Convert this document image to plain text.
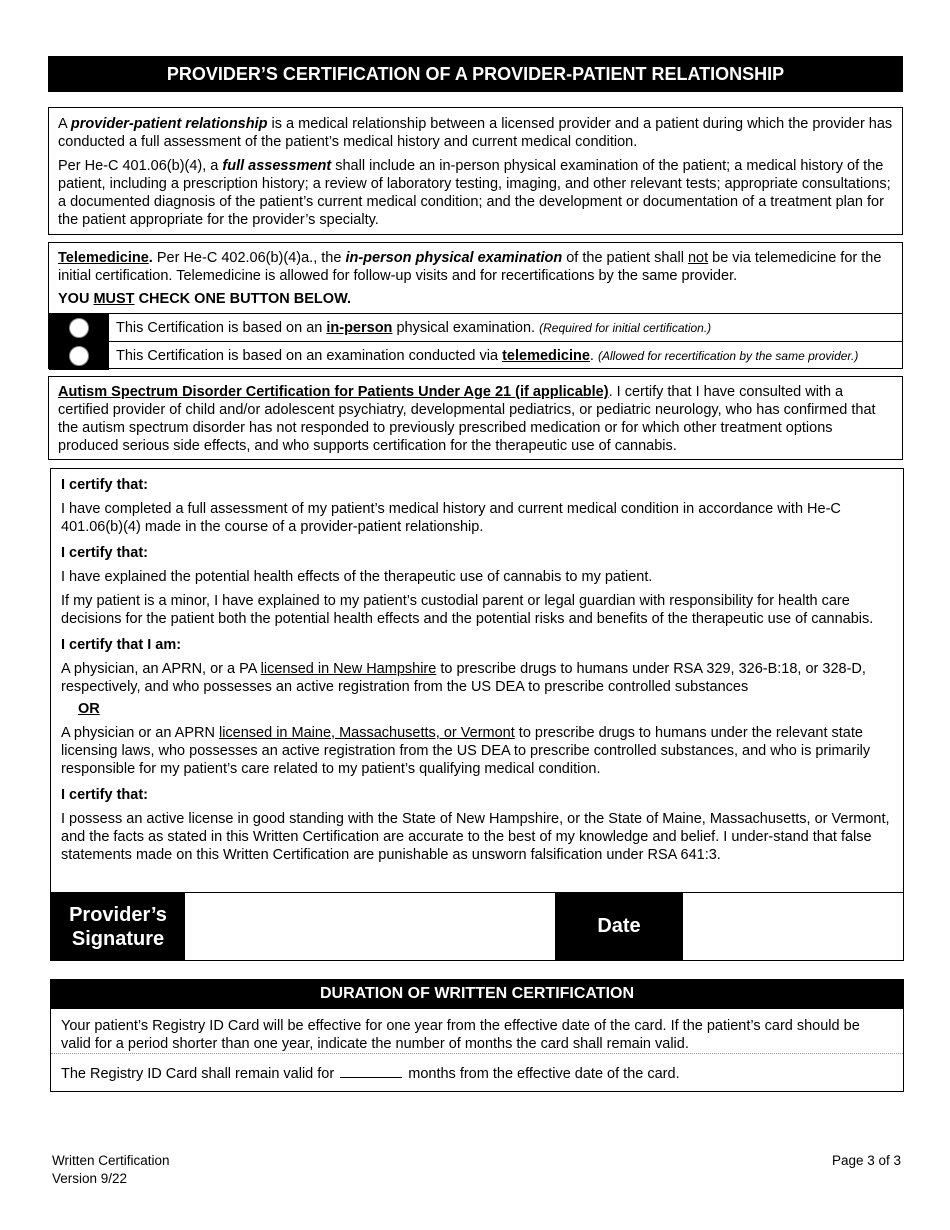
PROVIDER’S CERTIFICATION OF A PROVIDER-PATIENT RELATIONSHIP

A provider-patient relationship is a medical relationship between a licensed provider and a patient during which the provider has conducted a full assessment of the patient’s medical history and current medical condition.

Per He-C 401.06(b)(4), a full assessment shall include an in-person physical examination of the patient; a medical history of the patient, including a prescription history; a review of laboratory testing, imaging, and other relevant tests; appropriate consultations; a documented diagnosis of the patient’s current medical condition; and the development or documentation of a treatment plan for the patient appropriate for the provider’s specialty.

Telemedicine. Per He-C 402.06(b)(4)a., the in-person physical examination of the patient shall not be via telemedicine for the initial certification. Telemedicine is allowed for follow-up visits and for recertifications by the same provider.

YOU MUST CHECK ONE BUTTON BELOW.

This Certification is based on an in-person physical examination. (Required for initial certification.)
This Certification is based on an examination conducted via telemedicine. (Allowed for recertification by the same provider.)

Autism Spectrum Disorder Certification for Patients Under Age 21 (if applicable). I certify that I have consulted with a certified provider of child and/or adolescent psychiatry, developmental pediatrics, or pediatric neurology, who has confirmed that the autism spectrum disorder has not responded to previously prescribed medication or for which other treatment options produced serious side effects, and who supports certification for the therapeutic use of cannabis.

I certify that:

I have completed a full assessment of my patient’s medical history and current medical condition in accordance with He-C 401.06(b)(4) made in the course of a provider-patient relationship.

I certify that:

I have explained the potential health effects of the therapeutic use of cannabis to my patient.

If my patient is a minor, I have explained to my patient’s custodial parent or legal guardian with responsibility for health care decisions for the patient both the potential health effects and the potential risks and benefits of the therapeutic use of cannabis.

I certify that I am:

A physician, an APRN, or a PA licensed in New Hampshire to prescribe drugs to humans under RSA 329, 326-B:18, or 328-D, respectively, and who possesses an active registration from the US DEA to prescribe controlled substances

OR

A physician or an APRN licensed in Maine, Massachusetts, or Vermont to prescribe drugs to humans under the relevant state licensing laws, who possesses an active registration from the US DEA to prescribe controlled substances, and who is primarily responsible for my patient’s care related to my patient’s qualifying medical condition.

I certify that:

I possess an active license in good standing with the State of New Hampshire, or the State of Maine, Massachusetts, or Vermont, and the facts as stated in this Written Certification are accurate to the best of my knowledge and belief. I under-stand that false statements made on this Written Certification are punishable as unsworn falsification under RSA 641:3.

Provider’s
Signature
Date
DURATION OF WRITTEN CERTIFICATION

Your patient’s Registry ID Card will be effective for one year from the effective date of the card. If the patient’s card should be valid for a period shorter than one year, indicate the number of months the card shall remain valid.

The Registry ID Card shall remain valid for	months from the effective date of the card.

Written Certification
Version 9/22
Page 3 of 3
